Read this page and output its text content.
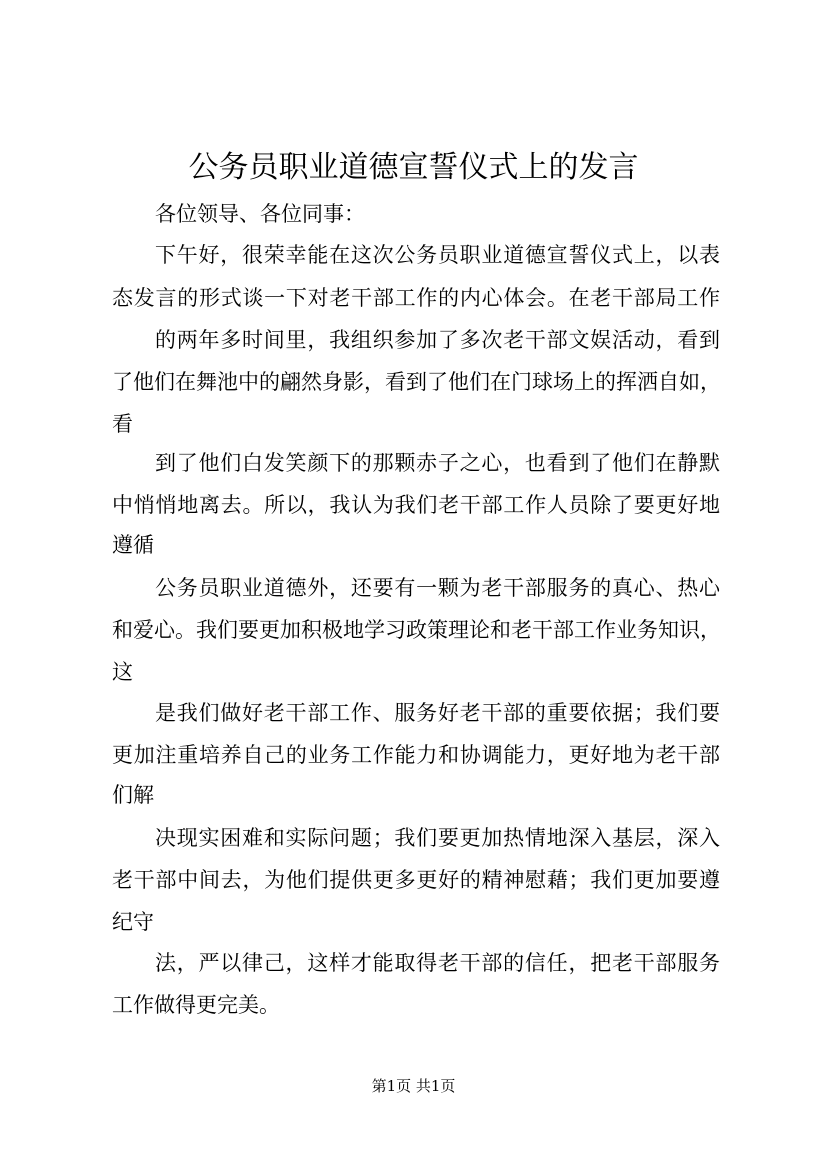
公务员职业道德宣誓仪式上的发言
各位领导、各位同事：
下午好，很荣幸能在这次公务员职业道德宣誓仪式上，以表
态发言的形式谈一下对老干部工作的内心体会。在老干部局工作
的两年多时间里，我组织参加了多次老干部文娱活动，看到
了他们在舞池中的翩然身影，看到了他们在门球场上的挥洒自如，
看
到了他们白发笑颜下的那颗赤子之心，也看到了他们在静默
中悄悄地离去。所以，我认为我们老干部工作人员除了要更好地
遵循
公务员职业道德外，还要有一颗为老干部服务的真心、热心
和爱心。我们要更加积极地学习政策理论和老干部工作业务知识，
这
是我们做好老干部工作、服务好老干部的重要依据；我们要
更加注重培养自己的业务工作能力和协调能力，更好地为老干部
们解
决现实困难和实际问题；我们要更加热情地深入基层，深入
老干部中间去，为他们提供更多更好的精神慰藉；我们更加要遵
纪守
法，严以律己，这样才能取得老干部的信任，把老干部服务
工作做得更完美。
第1页 共1页
